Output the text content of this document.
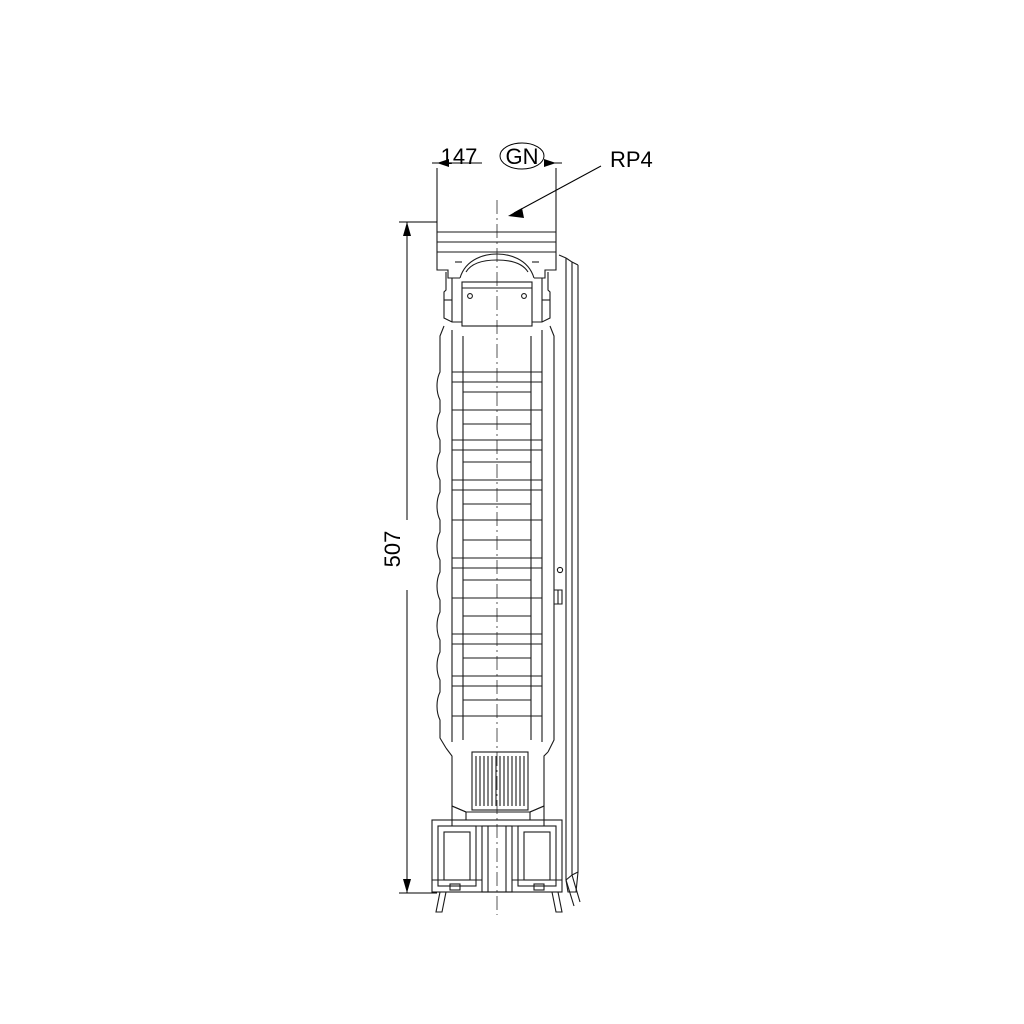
147 GN	RP4
507
